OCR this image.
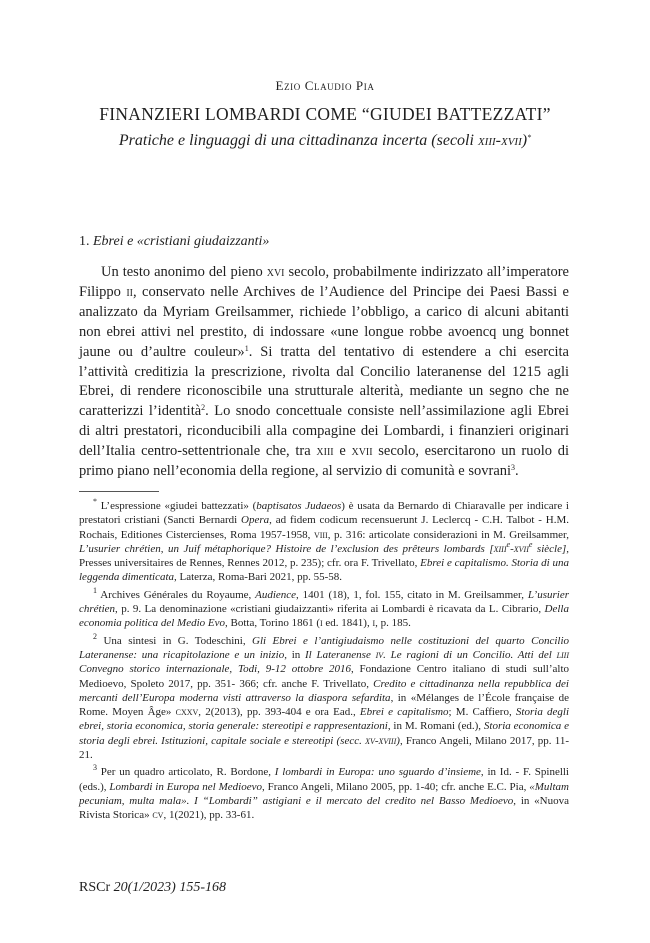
Ezio Claudio Pia
FINANZIERI LOMBARDI COME “GIUDEI BATTEZZATI”
Pratiche e linguaggi di una cittadinanza incerta (secoli xiii-xvii)*
1. Ebrei e «cristiani giudaizzanti»

Un testo anonimo del pieno xvi secolo, probabilmente indirizzato all’imperatore Filippo ii, conservato nelle Archives de l’Audience del Principe dei Paesi Bassi e analizzato da Myriam Greilsammer, richiede l’obbligo, a carico di alcuni abitanti non ebrei attivi nel prestito, di indossare «une longue robbe avoencq ung bonnet jaune ou d’aultre couleur»$^1$. Si tratta del tentativo di estendere a chi esercita l’attività creditizia la prescrizione, rivolta dal Concilio lateranense del 1215 agli Ebrei, di rendere riconoscibile una strutturale alterità, mediante un segno che ne caratterizzi l’identità$^2$. Lo snodo concettuale consiste nell’assimilazione agli Ebrei di altri prestatori, riconducibili alla compagine dei Lombardi, i finanzieri originari dell’Italia centro-settentrionale che, tra xiii e xvii secolo, esercitarono un ruolo di primo piano nell’economia della regione, al servizio di comunità e sovrani$^3$.

* L’espressione «giudei battezzati» (baptisatos Judaeos) è usata da Bernardo di Chiaravalle per indicare i prestatori cristiani (Sancti Bernardi Opera, ad fidem codicum recensuerunt J. Leclercq - C.H. Talbot - H.M. Rochais, Editiones Cistercienses, Roma 1957-1958, viii, p. 316: articolate considerazioni in M. Greilsammer, L’usurier chrétien, un Juif métaphorique? Histoire de l’exclusion des prêteurs lombards [xiii$^e$-xvii$^e$ siècle], Presses universitaires de Rennes, Rennes 2012, p. 235); cfr. ora F. Trivellato, Ebrei e capitalismo. Storia di una leggenda dimenticata, Laterza, Roma-Bari 2021, pp. 55-58.

$^1$ Archives Générales du Royaume, Audience, 1401 (18), 1, fol. 155, citato in M. Greilsammer, L’usurier chrétien, p. 9. La denominazione «cristiani giudaizzanti» riferita ai Lombardi è ricavata da L. Cibrario, Della economia politica del Medio Evo, Botta, Torino 1861 (i ed. 1841), i, p. 185.

$^2$ Una sintesi in G. Todeschini, Gli Ebrei e l’antigiudaismo nelle costituzioni del quarto Concilio Lateranense: una ricapitolazione e un inizio, in Il Lateranense iv. Le ragioni di un Concilio. Atti del liii Convegno storico internazionale, Todi, 9-12 ottobre 2016, Fondazione Centro italiano di studi sull’alto Medioevo, Spoleto 2017, pp. 351- 366; cfr. anche F. Trivellato, Credito e cittadinanza nella repubblica dei mercanti dell’Europa moderna visti attraverso la diaspora sefardita, in «Mélanges de l’École française de Rome. Moyen Âge» cxxv, 2(2013), pp. 393-404 e ora Ead., Ebrei e capitalismo; M. Caffiero, Storia degli ebrei, storia economica, storia generale: stereotipi e rappresentazioni, in M. Romani (ed.), Storia economica e storia degli ebrei. Istituzioni, capitale sociale e stereotipi (secc. xv-xviii), Franco Angeli, Milano 2017, pp. 11-21.

$^3$ Per un quadro articolato, R. Bordone, I lombardi in Europa: uno sguardo d’insieme, in Id. - F. Spinelli (eds.), Lombardi in Europa nel Medioevo, Franco Angeli, Milano 2005, pp. 1-40; cfr. anche E.C. Pia, «Multam pecuniam, multa mala». I “Lombardi” astigiani e il mercato del credito nel Basso Medioevo, in «Nuova Rivista Storica» cv, 1(2021), pp. 33-61.

RSCr 20(1/2023) 155-168
